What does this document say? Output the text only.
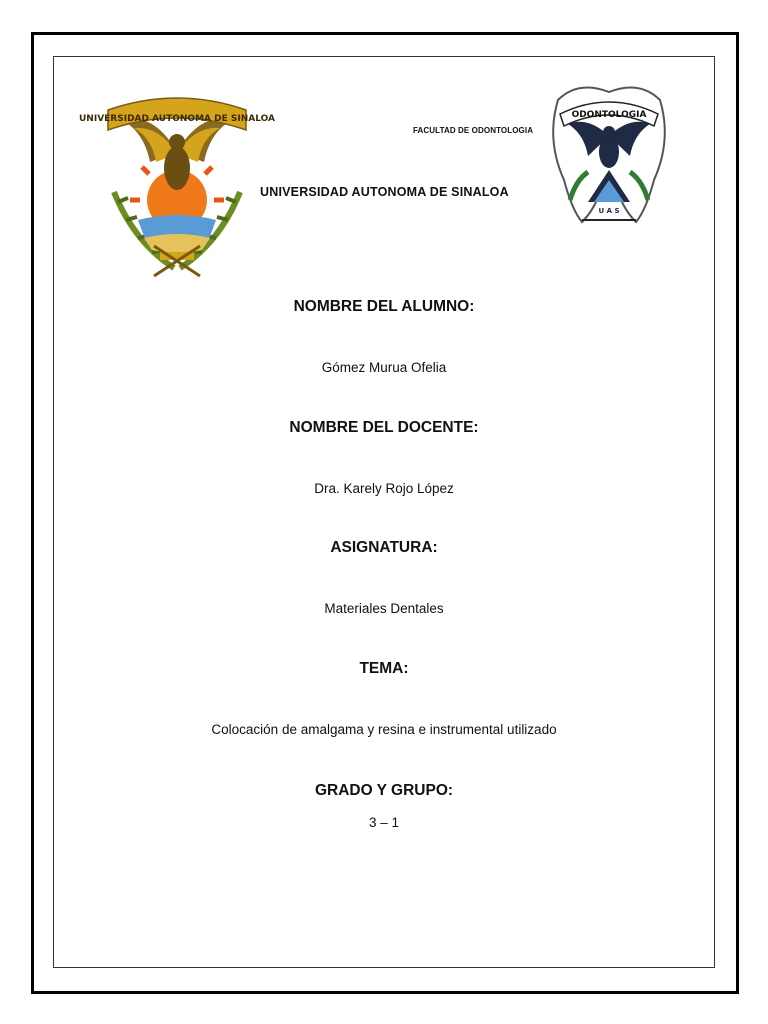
UNIVERSIDAD AUTONOMA DE SINALOA	ODONTOLOGIA
U A S
FACULTAD DE ODONTOLOGIA
UNIVERSIDAD AUTONOMA DE SINALOA
NOMBRE DEL ALUMNO:
Gómez Murua Ofelia
NOMBRE DEL DOCENTE:
Dra. Karely Rojo López
ASIGNATURA:
Materiales Dentales
TEMA:
Colocación de amalgama y resina e instrumental utilizado
GRADO Y GRUPO:
3 – 1
